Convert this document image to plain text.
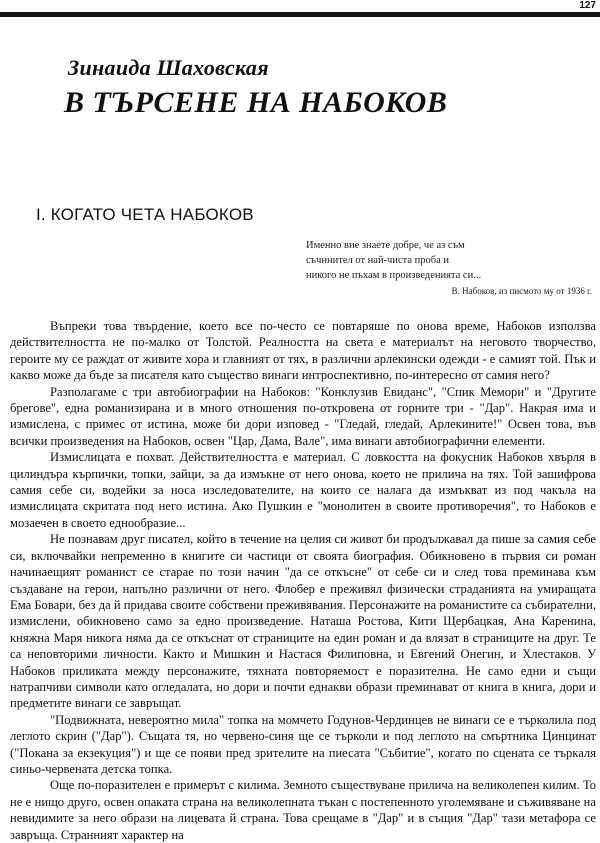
127
Зинаида Шаховская
В ТЪРСЕНЕ НА НАБОКОВ
I. КОГАТО ЧЕТА НАБОКОВ
Именно вие знаете добре, че аз съм
съчинител от най-чиста проба и
никого не пъхам в произведенията си...
В. Набоков, из писмото му от 1936 г.

Въпреки това твърдение, което все по-често се повтаряше по онова време, Набоков използва действителността не по-малко от Толстой. Реалността на света е материалът на неговото творчество, героите му се раждат от живите хора и главният от тях, в различни арлекински одежди - е самият той. Пък и какво може да бъде за писателя като същество винаги интроспективно, по-интересно от самия него?

Разполагаме с три автобиографии на Набоков: "Конклузив Евиданс", "Спик Мемори" и "Другите брегове", една романизирана и в много отношения по-откровена от горните три - "Дар". Накрая има и измислена, с примес от истина, може би дори изповед - "Гледай, гледай, Арлекините!" Освен това, във всички произведения на Набоков, освен "Цар, Дама, Вале", има винаги автобиографични елементи.

Измислицата е похват. Действителността е материал. С ловкостта на фокусник Набоков хвърля в цилиндъра кърпички, топки, зайци, за да измъкне от него онова, което не прилича на тях. Той зашифрова самия себе си, водейки за носа изследователите, на които се налага да измъкват из под чакъла на измислицата скритата под него истина. Ако Пушкин е "монолитен в своите противоречия", то Набоков е мозаечен в своето еднообразие...

Не познавам друг писател, който в течение на целия си живот би продължавал да пише за самия себе си, включвайки непременно в книгите си частици от своята биография. Обикновено в първия си роман начинаещият романист се старае по този начин "да се откъсне" от себе си и след това преминава към създаване на герои, напълно различни от него. Флобер е преживял физически страданията на умиращата Ема Бовари, без да й придава своите собствени преживявания. Персонажите на романистите са събирателни, измислени, обикновено само за едно произведение. Наташа Ростова, Кити Щербацкая, Ана Каренина, княжна Маря никога няма да се откъснат от страниците на един роман и да влязат в страниците на друг. Те са неповторими личности. Както и Мишкин и Настася Филиповна, и Евгений Онегин, и Хлестаков. У Набоков приликата между персонажите, тяхната повторяемост е поразителна. Не само едни и същи натрапчиви символи като огледалата, но дори и почти еднакви образи преминават от книга в книга, дори и предметите винаги се завръщат.

"Подвижната, невероятно мила" топка на момчето Годунов-Чердинцев не винаги се е търколила под леглото скрин ("Дар"). Същата тя, но червено-синя ще се търколи и под леглото на смъртника Цинцинат ("Покана за екзекуция") и ще се появи пред зрителите на пиесата "Събитие", когато по сцената се търкаля синьо-червената детска топка.

Още по-поразителен е примерът с килима. Земното съществуване прилича на великолепен килим. То не е нищо друго, освен опаката страна на великолепната тъкан с постепенното уголемяване и съживяване на невидимите за него образи на лицевата й страна. Това срещаме в "Дар" и в същия "Дар" тази метафора се завръща. Странният характер на
